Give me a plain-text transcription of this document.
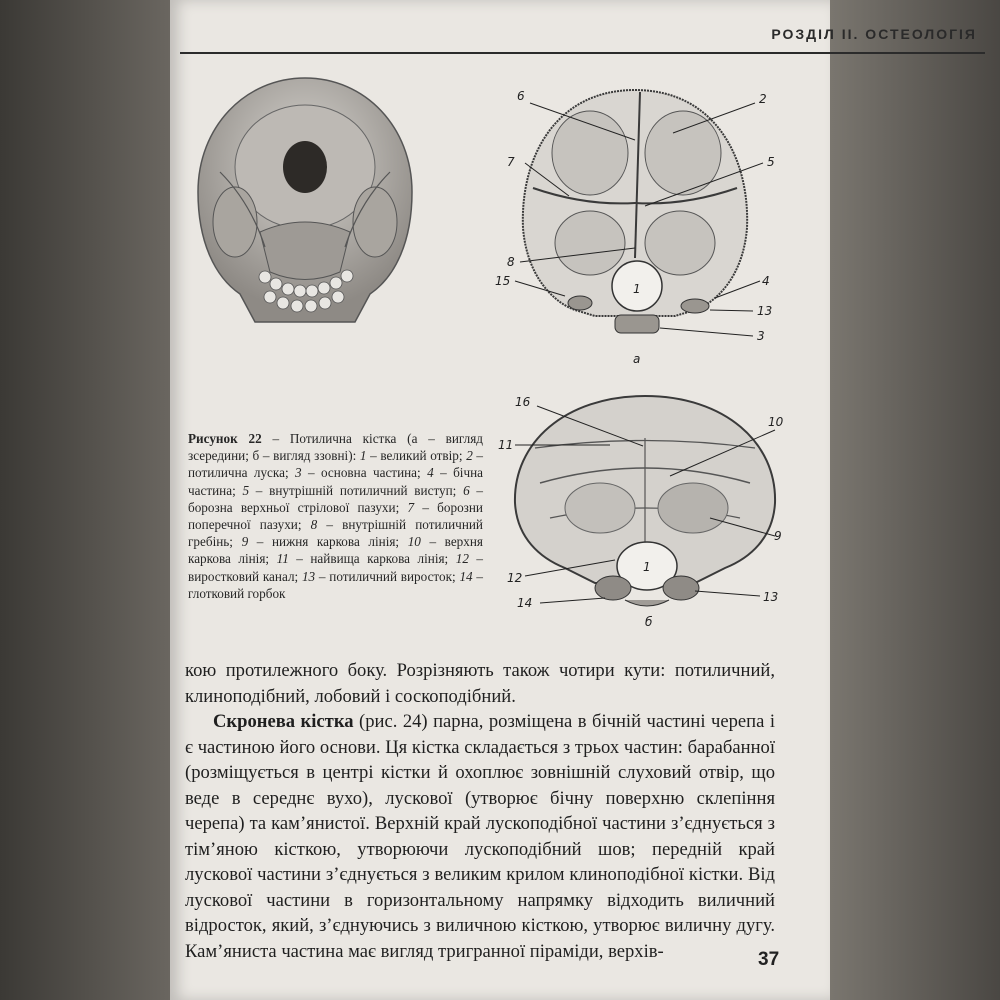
РОЗДІЛ ІІ. ОСТЕОЛОГІЯ
6	2
7	5
8
4
15
1
13
3
а
16
10
11
9
1
12
14	13
б
Рисунок 22 – Потилична кістка (а – вигляд зсередини; б – вигляд ззовні): 1 – великий отвір; 2 – потилична луска; 3 – основна частина; 4 – бічна частина; 5 – внутрішній потиличний виступ; 6 – борозна верхньої стрілової пазухи; 7 – борозни поперечної пазухи; 8 – внутрішній потиличний гребінь; 9 – нижня каркова лінія; 10 – верхня каркова лінія; 11 – найвища каркова лінія; 12 – виростковий канал; 13 – потиличний виросток; 14 – глотковий горбок

кою протилежного боку. Розрізняють також чотири кути: потиличний, клиноподібний, лобовий і соскоподібний.

Скронева кістка (рис. 24) парна, розміщена в бічній частині черепа і є частиною його основи. Ця кістка складається з трьох частин: барабанної (розміщується в центрі кістки й охоплює зовнішній слуховий отвір, що веде в середнє вухо), лускової (утворює бічну поверхню склепіння черепа) та кам’янистої. Верхній край лускоподібної частини з’єднується з тім’яною кісткою, утворюючи лускоподібний шов; передній край лускової частини з’єднується з великим крилом клиноподібної кістки. Від лускової частини в горизонтальному напрямку відходить виличний відросток, який, з’єднуючись з виличною кісткою, утворює виличну дугу. Кам’яниста частина має вигляд тригранної піраміди, верхів-	37
